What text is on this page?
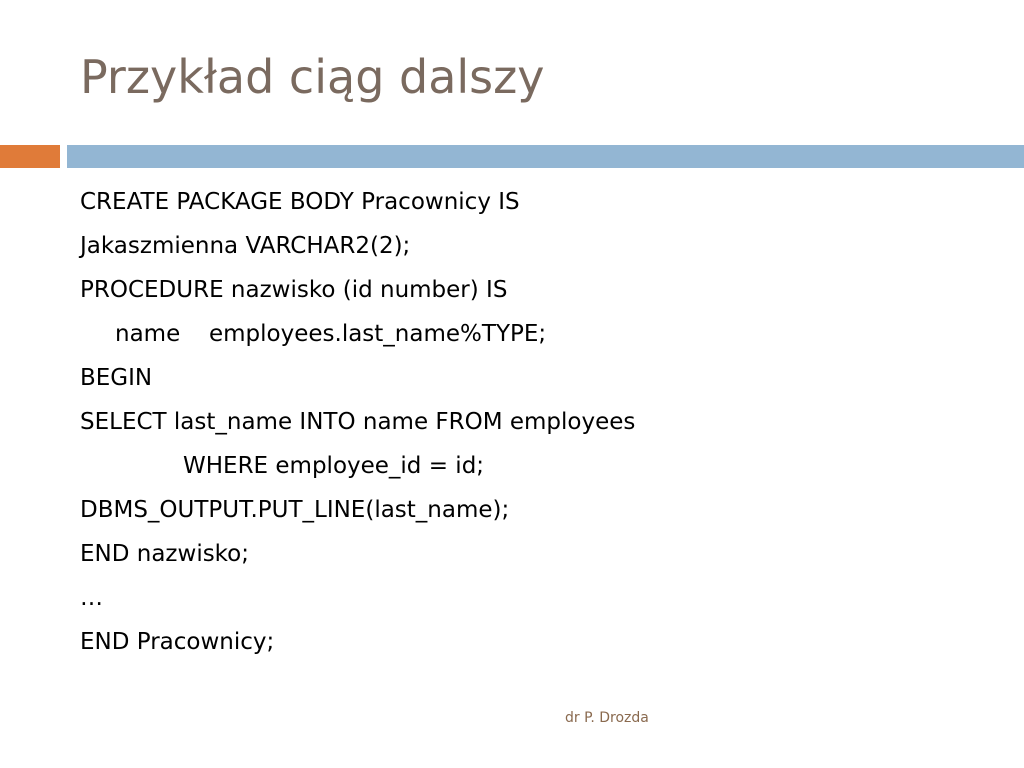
Przykład ciąg dalszy
CREATE PACKAGE BODY Pracownicy IS
Jakaszmienna VARCHAR2(2);
PROCEDURE nazwisko (id number) IS
name employees.last_name%TYPE;
BEGIN
SELECT last_name INTO name FROM employees
WHERE employee_id = id;
DBMS_OUTPUT.PUT_LINE(last_name);
END nazwisko;
…
END Pracownicy;
dr P. Drozda
